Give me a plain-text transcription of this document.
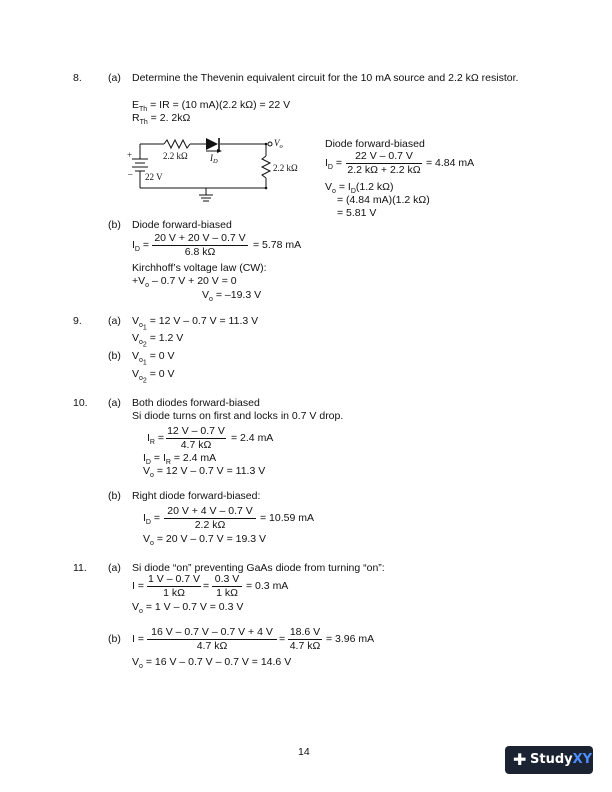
8. (a) Determine the Thevenin equivalent circuit for the 10 mA source and 2.2 kΩ resistor.
$E_{Th}$ = IR = (10 mA)(2.2 kΩ) = 22 V
$R_{Th} = 2$. 2kΩ
2.2 kΩ $I_D$
+
– 22 V
2.2 kΩ
$V_o$	Diode forward-biased
$I_D$ =
22 V – 0.7 V
2.2 kΩ + 2.2 kΩ
= 4.84 mA
$V_o = I_D(1.2$ kΩ)
= (4.84 mA)(1.2 kΩ)
= 5.81 V
(b) Diode forward-biased
$I_D$ =
20 V + 20 V – 0.7 V
6.8 kΩ
= 5.78 mA
Kirchhoff’s voltage law (CW):
$+V_o - 0.7$ V + 20 V = 0
$V_o = -19.3$ V
9. (a) $V_{o_1} = 12$ V – 0.7 V = 11.3 V
$V_{o_2} = 1.2$ V
(b) $V_{o_1} = 0$ V
$V_{o_2} = 0$ V
10. (a) Both diodes forward-biased
Si diode turns on first and locks in 0.7 V drop.
$I_R$ =
12 V – 0.7 V
4.7 kΩ
= 2.4 mA
$I_D = I_R = 2.4$ mA
$V_o = 12$ V – 0.7 V = 11.3 V
(b) Right diode forward-biased:
$I_D$ =
20 V + 4 V – 0.7 V
2.2 kΩ
= 10.59 mA
$V_o = 20$ V – 0.7 V = 19.3 V
11. (a) Si diode “on” preventing GaAs diode from turning “on”:
I =
1 V – 0.7 V
1 kΩ
=
0.3 V
1 kΩ
= 0.3 mA
$V_o = 1$ V – 0.7 V = 0.3 V
(b) I =
16 V – 0.7 V – 0.7 V + 4 V
4.7 kΩ
=
18.6 V
4.7 kΩ
= 3.96 mA
$V_o = 16$ V – 0.7 V – 0.7 V = 14.6 V
14	✚ StudyXY
